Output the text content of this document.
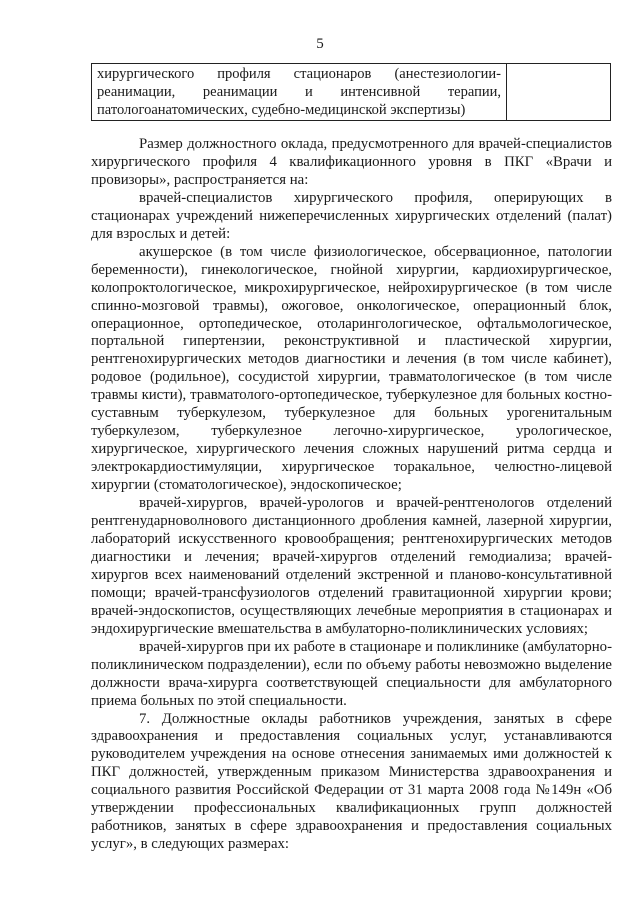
5
хирургического профиля стационаров (анестезиологии-реанимации, реанимации и интенсивной терапии, патологоанатомических, судебно-медицинской экспертизы)	

Размер должностного оклада, предусмотренного для врачей-специалистов хирургического профиля 4 квалификационного уровня в ПКГ «Врачи и провизоры», распространяется на:

врачей-специалистов хирургического профиля, оперирующих в стационарах учреждений нижеперечисленных хирургических отделений (палат) для взрослых и детей:

акушерское (в том числе физиологическое, обсервационное, патологии беременности), гинекологическое, гнойной хирургии, кардиохирургическое, колопроктологическое, микрохирургическое, нейрохирургическое (в том числе спинно-мозговой травмы), ожоговое, онкологическое, операционный блок, операционное, ортопедическое, отоларингологическое, офтальмологическое, портальной гипертензии, реконструктивной и пластической хирургии, рентгенохирургических методов диагностики и лечения (в том числе кабинет), родовое (родильное), сосудистой хирургии, травматологическое (в том числе травмы кисти), травматолого-ортопедическое, туберкулезное для больных костно-суставным туберкулезом, туберкулезное для больных урогенитальным туберкулезом, туберкулезное легочно-хирургическое, урологическое, хирургическое, хирургического лечения сложных нарушений ритма сердца и электрокардиостимуляции, хирургическое торакальное, челюстно-лицевой хирургии (стоматологическое), эндоскопическое;

врачей-хирургов, врачей-урологов и врачей-рентгенологов отделений рентгенударноволнового дистанционного дробления камней, лазерной хирургии, лабораторий искусственного кровообращения; рентгенохирургических методов диагностики и лечения; врачей-хирургов отделений гемодиализа; врачей-хирургов всех наименований отделений экстренной и планово-консультативной помощи; врачей-трансфузиологов отделений гравитационной хирургии крови; врачей-эндоскопистов, осуществляющих лечебные мероприятия в стационарах и эндохирургические вмешательства в амбулаторно-поликлинических условиях;

врачей-хирургов при их работе в стационаре и поликлинике (амбулаторно-поликлиническом подразделении), если по объему работы невозможно выделение должности врача-хирурга соответствующей специальности для амбулаторного приема больных по этой специальности.

7. Должностные оклады работников учреждения, занятых в сфере здравоохранения и предоставления социальных услуг, устанавливаются руководителем учреждения на основе отнесения занимаемых ими должностей к ПКГ должностей, утвержденным приказом Министерства здравоохранения и социального развития Российской Федерации от 31 марта 2008 года №149н «Об утверждении профессиональных квалификационных групп должностей работников, занятых в сфере здравоохранения и предоставления социальных услуг», в следующих размерах:
